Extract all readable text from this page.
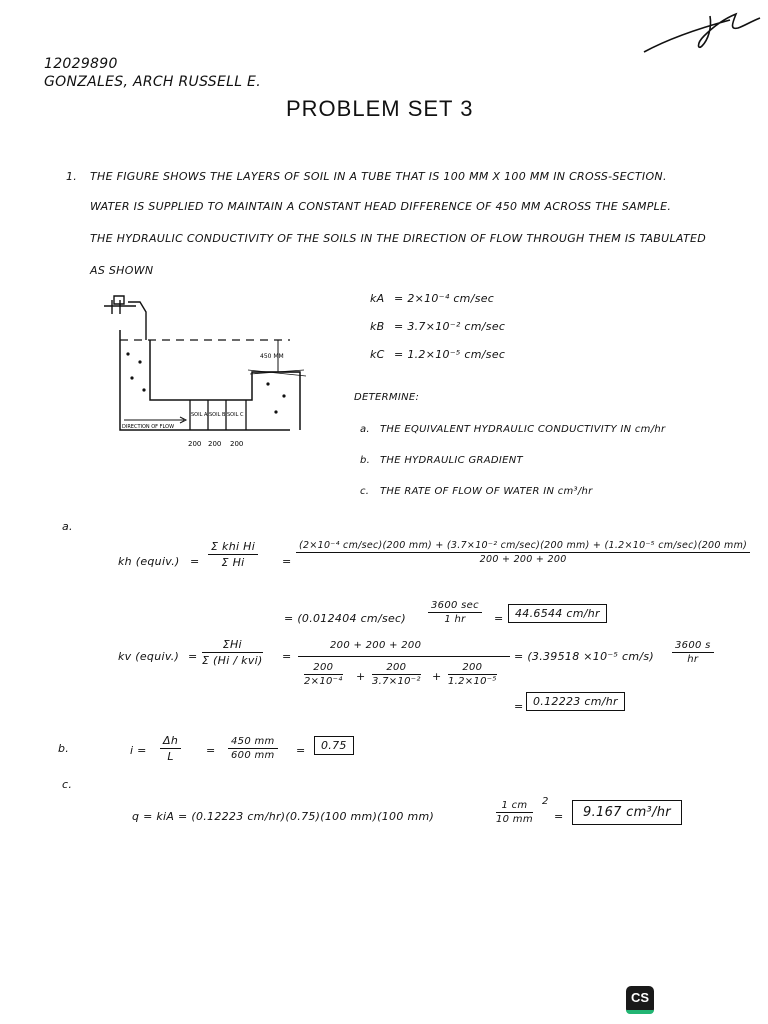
12029890
GONZALES, ARCH RUSSELL E.
PROBLEM SET 3
1. THE FIGURE SHOWS THE LAYERS OF SOIL IN A TUBE THAT IS 100 MM X 100 MM IN CROSS-SECTION.
WATER IS SUPPLIED TO MAINTAIN A CONSTANT HEAD DIFFERENCE OF 450 MM ACROSS THE SAMPLE.
THE HYDRAULIC CONDUCTIVITY OF THE SOILS IN THE DIRECTION OF FLOW THROUGH THEM IS TABULATED
AS SHOWN
450 MM
SOIL A SOIL B SOIL C
DIRECTION OF FLOW
200 200 200
kA = 2×10⁻⁴ cm/sec
kB = 3.7×10⁻² cm/sec
kC = 1.2×10⁻⁵ cm/sec
DETERMINE:
a. THE EQUIVALENT HYDRAULIC CONDUCTIVITY IN cm/hr
b. THE HYDRAULIC GRADIENT
c. THE RATE OF FLOW OF WATER IN cm³/hr
a.
kh (equiv.) =
Σ khi Hi
Σ Hi	=
(2×10⁻⁴ cm/sec)(200 mm) + (3.7×10⁻² cm/sec)(200 mm) + (1.2×10⁻⁵ cm/sec)(200 mm)
200 + 200 + 200
= (0.012404 cm/sec)
3600 sec
1 hr	=	44.6544 cm/hr
kv (equiv.) =
ΣHi
Σ (Hi / kvi) =
200 + 200 + 200
$\frac{200}{\text{2×10⁻⁴}} + \frac{200}{\text{3.7×10⁻²}} + \frac{200}{\text{1.2×10⁻⁵}}$
= (3.39518 ×10⁻⁵ $cm/s) \frac{3600 s}{hr}$
= 0.12223 cm/hr
b.	$i = \frac{\Delta h}{L} = \frac{450 mm}{600 mm}$ =	0.75
c.
q = kiA = (0.12223 cm/hr)(0.75)(100 mm)(100 mm)	$\frac{1 cm}{10 mm} 2$
=	9.167 cm³/hr
CS
